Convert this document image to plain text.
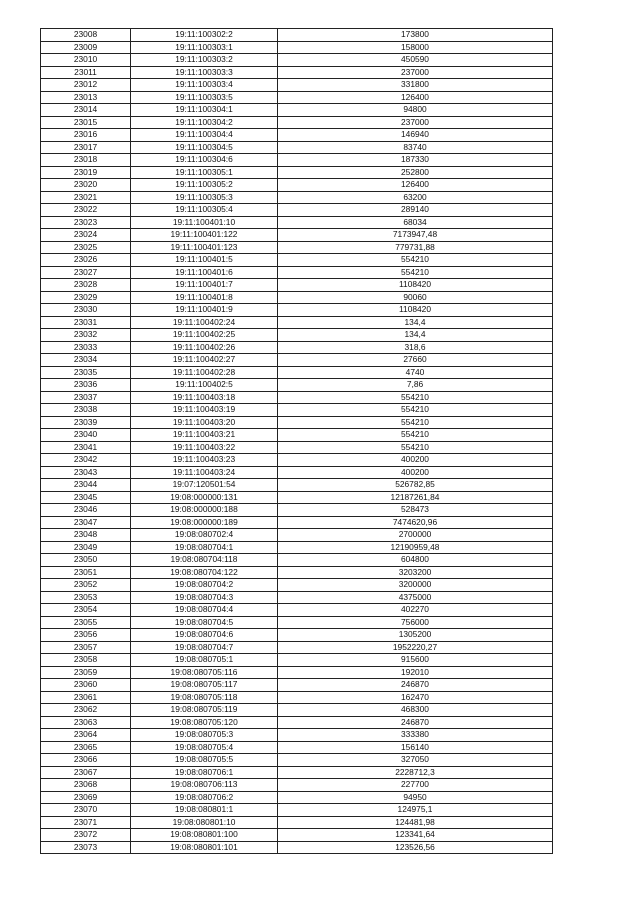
23008	19:11:100302:2	173800
23009	19:11:100303:1	158000
23010	19:11:100303:2	450590
23011	19:11:100303:3	237000
23012	19:11:100303:4	331800
23013	19:11:100303:5	126400
23014	19:11:100304:1	94800
23015	19:11:100304:2	237000
23016	19:11:100304:4	146940
23017	19:11:100304:5	83740
23018	19:11:100304:6	187330
23019	19:11:100305:1	252800
23020	19:11:100305:2	126400
23021	19:11:100305:3	63200
23022	19:11:100305:4	289140
23023	19:11:100401:10	68034
23024	19:11:100401:122	7173947,48
23025	19:11:100401:123	779731,88
23026	19:11:100401:5	554210
23027	19:11:100401:6	554210
23028	19:11:100401:7	1108420
23029	19:11:100401:8	90060
23030	19:11:100401:9	1108420
23031	19:11:100402:24	134,4
23032	19:11:100402:25	134,4
23033	19:11:100402:26	318,6
23034	19:11:100402:27	27660
23035	19:11:100402:28	4740
23036	19:11:100402:5	7,86
23037	19:11:100403:18	554210
23038	19:11:100403:19	554210
23039	19:11:100403:20	554210
23040	19:11:100403:21	554210
23041	19:11:100403:22	554210
23042	19:11:100403:23	400200
23043	19:11:100403:24	400200
23044	19:07:120501:54	526782,85
23045	19:08:000000:131	12187261,84
23046	19:08:000000:188	528473
23047	19:08:000000:189	7474620,96
23048	19:08:080702:4	2700000
23049	19:08:080704:1	12190959,48
23050	19:08:080704:118	604800
23051	19:08:080704:122	3203200
23052	19:08:080704:2	3200000
23053	19:08:080704:3	4375000
23054	19:08:080704:4	402270
23055	19:08:080704:5	756000
23056	19:08:080704:6	1305200
23057	19:08:080704:7	1952220,27
23058	19:08:080705:1	915600
23059	19:08:080705:116	192010
23060	19:08:080705:117	246870
23061	19:08:080705:118	162470
23062	19:08:080705:119	468300
23063	19:08:080705:120	246870
23064	19:08:080705:3	333380
23065	19:08:080705:4	156140
23066	19:08:080705:5	327050
23067	19:08:080706:1	2228712,3
23068	19:08:080706:113	227700
23069	19:08:080706:2	94950
23070	19:08:080801:1	124975,1
23071	19:08:080801:10	124481,98
23072	19:08:080801:100	123341,64
23073	19:08:080801:101	123526,56
